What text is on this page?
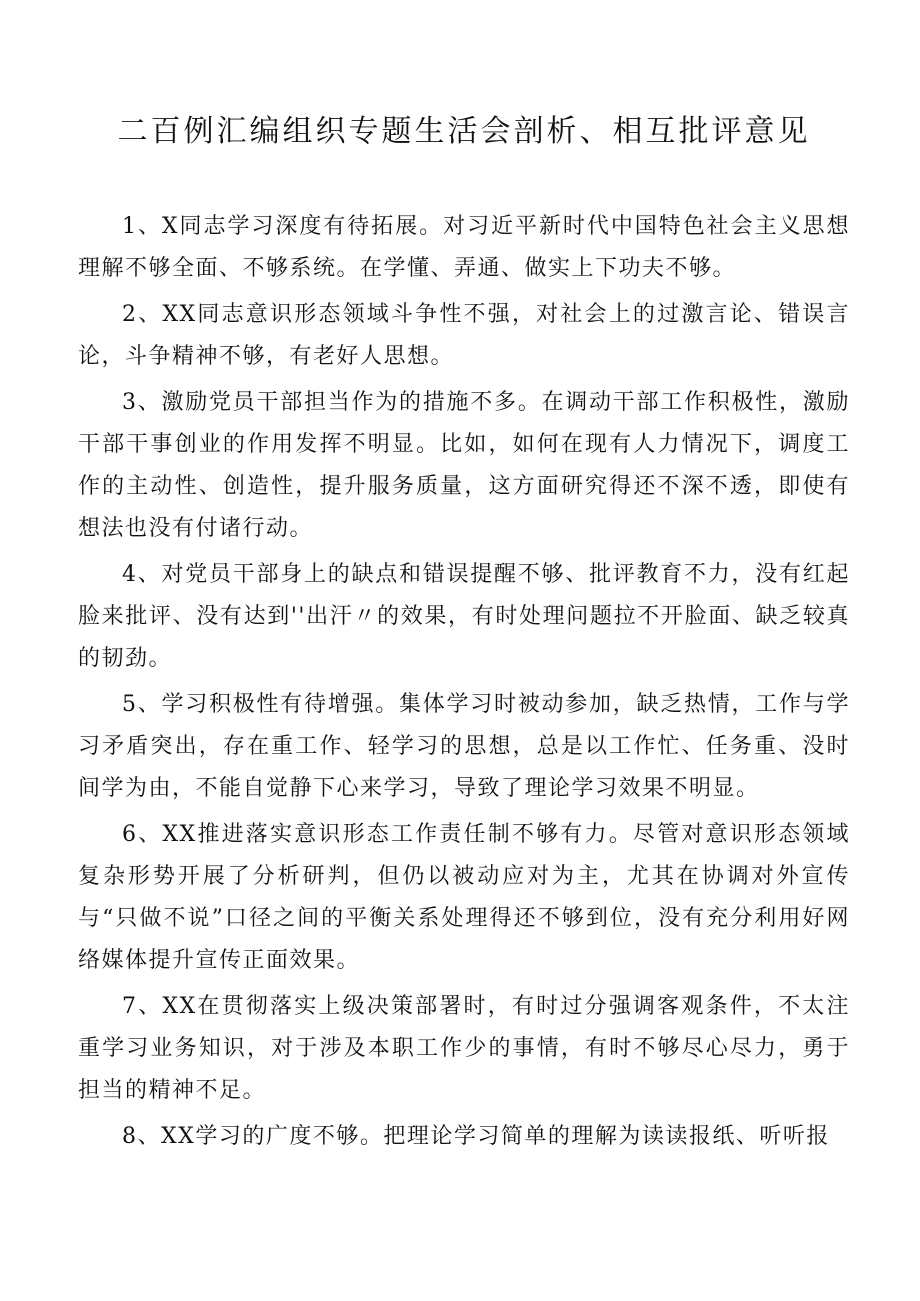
二百例汇编组织专题生活会剖析、相互批评意见

1、X同志学习深度有待拓展。对习近平新时代中国特色社会主义思想理解不够全面、不够系统。在学懂、弄通、做实上下功夫不够。

2、XX同志意识形态领域斗争性不强，对社会上的过激言论、错误言论，斗争精神不够，有老好人思想。

3、激励党员干部担当作为的措施不多。在调动干部工作积极性，激励干部干事创业的作用发挥不明显。比如，如何在现有人力情况下，调度工作的主动性、创造性，提升服务质量，这方面研究得还不深不透，即使有想法也没有付诸行动。

4、对党员干部身上的缺点和错误提醒不够、批评教育不力，没有红起脸来批评、没有达到''出汗〃的效果，有时处理问题拉不开脸面、缺乏较真的韧劲。

5、学习积极性有待增强。集体学习时被动参加，缺乏热情，工作与学习矛盾突出，存在重工作、轻学习的思想，总是以工作忙、任务重、没时间学为由，不能自觉静下心来学习，导致了理论学习效果不明显。

6、XX推进落实意识形态工作责任制不够有力。尽管对意识形态领域复杂形势开展了分析研判，但仍以被动应对为主，尤其在协调对外宣传与“只做不说”口径之间的平衡关系处理得还不够到位，没有充分利用好网络媒体提升宣传正面效果。

7、XX在贯彻落实上级决策部署时，有时过分强调客观条件，不太注重学习业务知识，对于涉及本职工作少的事情，有时不够尽心尽力，勇于担当的精神不足。

8、XX学习的广度不够。把理论学习简单的理解为读读报纸、听听报
